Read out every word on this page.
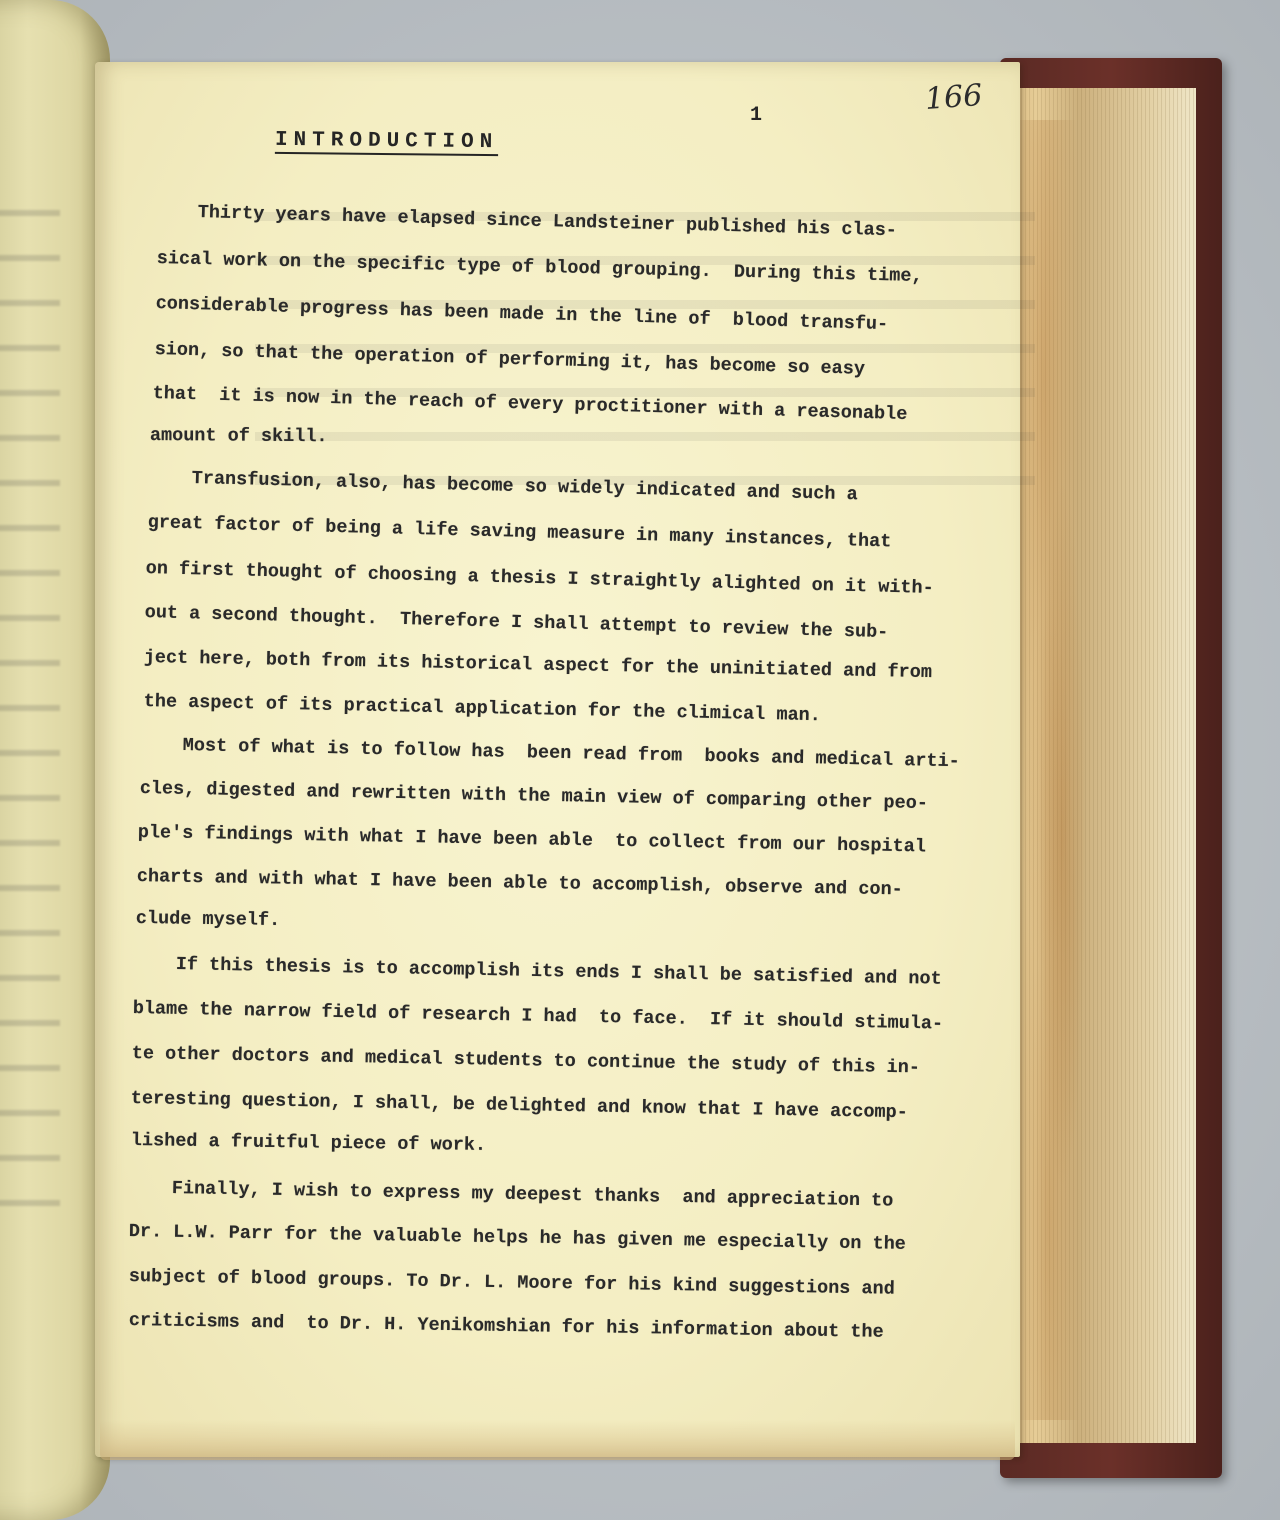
166
1
INTRODUCTION
Thirty years have elapsed since Landsteiner published his clas-
sical work on the specific type of blood grouping.  During this time,
considerable progress has been made in the line of  blood transfu-
sion, so that the operation of performing it, has become so easy
that  it is now in the reach of every proctitioner with a reasonable
amount of skill.
Transfusion, also, has become so widely indicated and such a
great factor of being a life saving measure in many instances, that
on first thought of choosing a thesis I straightly alighted on it with-
out a second thought.  Therefore I shall attempt to review the sub-
ject here, both from its historical aspect for the uninitiated and from
the aspect of its practical application for the climical man.
Most of what is to follow has  been read from  books and medical arti-
cles, digested and rewritten with the main view of comparing other peo-
ple's findings with what I have been able  to collect from our hospital
charts and with what I have been able to accomplish, observe and con-
clude myself.
If this thesis is to accomplish its ends I shall be satisfied and not
blame the narrow field of research I had  to face.  If it should stimula-
te other doctors and medical students to continue the study of this in-
teresting question, I shall, be delighted and know that I have accomp-
lished a fruitful piece of work.
Finally, I wish to express my deepest thanks  and appreciation to
Dr. L.W. Parr for the valuable helps he has given me especially on the
subject of blood groups. To Dr. L. Moore for his kind suggestions and
criticisms and  to Dr. H. Yenikomshian for his information about the
